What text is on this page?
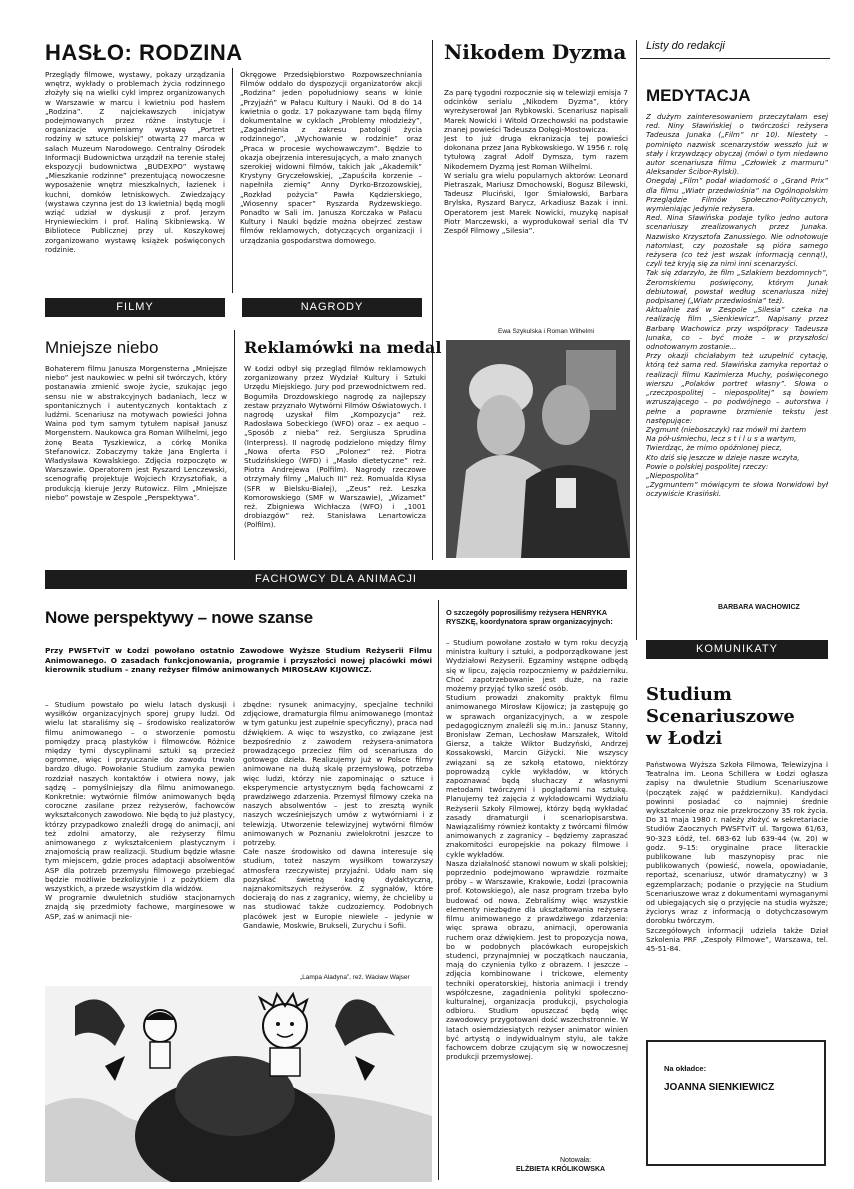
HASŁO: RODZINA
Przeglądy filmowe, wystawy, pokazy urządzania wnętrz, wykłady o problemach życia rodzinnego złożyły się na wielki cykl imprez organizowanych w Warszawie w marcu i kwietniu pod hasłem „Rodzina”. Z najciekawszych inicjatyw podejmowanych przez różne instytucje i organizacje wymieniamy wystawę „Portret rodziny w sztuce polskiej” otwartą 27 marca w salach Muzeum Narodowego. Centralny Ośrodek Informacji Budownictwa urządził na terenie stałej ekspozycji budownictwa „BUDEXPO” wystawę „Mieszkanie rodzinne” prezentującą nowoczesne wyposażenie wnętrz mieszkalnych, łazienek i kuchni, domków letniskowych. Zwiedzający (wystawa czynna jest do 13 kwietnia) będą mogli wziąć udział w dyskusji z prof. Jerzym Hryniewieckim i prof. Haliną Skibniewską. W Bibliotece Publicznej przy ul. Koszykowej zorganizowano wystawę książek poświęconych rodzinie.
Okręgowe Przedsiębiorstwo Rozpowszechniania Filmów oddało do dyspozycji organizatorów akcji „Rodzina” jeden popołudniowy seans w kinie „Przyjaźń” w Pałacu Kultury i Nauki. Od 8 do 14 kwietnia o godz. 17 pokazywane tam będą filmy dokumentalne w cyklach „Problemy młodzieży”, „Zagadnienia z zakresu patologii życia rodzinnego”, „Wychowanie w rodzinie” oraz „Praca w procesie wychowawczym”. Będzie to okazja obejrzenia interesujących, a mało znanych szerokiej widowni filmów, takich jak „Akademik” Krystyny Gryczełowskiej, „Zapuściła korzenie – napełniła ziemię” Anny Dyrko-Brzozowskiej, „Rozkład pożycia” Pawła Kędzierskiego, „Wiosenny spacer” Ryszarda Rydzewskiego. Ponadto w Sali im. Janusza Korczaka w Pałacu Kultury i Nauki będzie można obejrzeć zestaw filmów reklamowych, dotyczących organizacji i urządzania gospodarstwa domowego.
Nikodem Dyzma
Za parę tygodni rozpocznie się w telewizji emisja 7 odcinków serialu „Nikodem Dyzma”, który wyreżyserował Jan Rybkowski. Scenariusz napisali Marek Nowicki i Witold Orzechowski na podstawie znanej powieści Tadeusza Dołęgi-Mostowicza.
Jest to już druga ekranizacja tej powieści dokonana przez Jana Rybkowskiego. W 1956 r. rolę tytułową zagrał Adolf Dymsza, tym razem Nikodemem Dyzmą jest Roman Wilhelmi.
W serialu gra wielu popularnych aktorów: Leonard Pietraszak, Mariusz Dmochowski, Bogusz Bilewski, Tadeusz Pluciński, Igor Śmiałowski, Barbara Brylska, Ryszard Barycz, Arkadiusz Bazak i inni. Operatorem jest Marek Nowicki, muzykę napisał Piotr Marczewski, a wyprodukował serial dla TV Zespół Filmowy „Silesia”.
Ewa Szykulska i Roman Wilhelmi
Listy do redakcji
MEDYTACJA
Z dużym zainteresowaniem przeczytałam esej red. Niny Sławińskiej o twórczości reżysera Tadeusza Junaka („Film” nr 10). Niestety – pominięto nazwisk scenarzystów wesszło już w stały i krzywdzący obyczaj (mówi o tym niedawno autor scenariusza filmu „Człowiek z marmuru” Aleksander Ścibor-Rylski).
Onegdaj „Film” podał wiadomość o „Grand Prix” dla filmu „Wiatr przedwiośnia” na Ogólnopolskim Przeglądzie Filmów Społeczno-Politycznych, wymieniając jedynie reżysera.
Red. Nina Sławińska podaje tylko jedno autora scenariuszy zrealizowanych przez Junaka. Nazwisko Krzysztofa Zanussiego. Nie odnotowuje natomiast, czy pozostałe są pióra samego reżysera (co też jest wszak informacją cenną!), czyli też kryją się za nimi inni scenarzyści.
Tak się zdarzyło, że film „Szlakiem bezdomnych”, Żeromskiemu poświęcony, którym Junak debiutował, powstał według scenariusza niżej podpisanej („Wiatr przedwiośnia” też).
Aktualnie zaś w Zespole „Silesia” czeka na realizację film „Sienkiewicz”. Napisany przez Barbarę Wachowicz przy współpracy Tadeusza Junaka, co – być może – w przyszłości odnotowanym zostanie...
Przy okazji chciałabym też uzupełnić cytację, którą też sama red. Sławińska zamyka reportaż o realizacji filmu Kazimierza Muchy, poświęconego wierszu „Polaków portret własny”. Słowa o „rzeczpospolitej – niepospolitej” są bowiem wzruszającego – po podwójnego – autorstwa i pełne a poprawne brzmienie tekstu jest następujące:
Zygmunt (nieboszczyk) raz mówił mi żartem
Na pół-uśmiechu, lecz s t i l u s a wartym,
Twierdząc, że mimo opóźnionej piecz,
Kto dziś się jeszcze w dzieje nasze wczyta,
Powie o polskiej pospolitej rzeczy:
„Niepospolita”
„Zygmuntem” mówiącym te słowa Norwidowi był oczywiście Krasiński.
BARBARA WACHOWICZ
FILMY	NAGRODY
Mniejsze niebo
Bohaterem filmu Janusza Morgensterna „Mniejsze niebo” jest naukowiec w pełni sił twórczych, który postanawia zmienić swoje życie, szukając jego sensu nie w abstrakcyjnych badaniach, lecz w spontanicznych i autentycznych kontaktach z ludźmi. Scenariusz na motywach powieści Johna Waina pod tym samym tytułem napisał Janusz Morgenstern. Naukowca gra Roman Wilhelmi, jego żonę Beata Tyszkiewicz, a córkę Monika Stefanowicz. Zobaczymy także Jana Englerta i Władysława Kowalskiego. Zdjęcia rozpoczęto w Warszawie. Operatorem jest Ryszard Lenczewski, scenografię projektuje Wojciech Krzysztofiak, a produkcją kieruje Jerzy Rutowicz. Film „Mniejsze niebo” powstaje w Zespole „Perspektywa”.
Reklamówki na medal
W Łodzi odbył się przegląd filmów reklamowych zorganizowany przez Wydział Kultury i Sztuki Urzędu Miejskiego. Jury pod przewodnictwem red. Bogumiła Drozdowskiego nagrodę za najlepszy zestaw przyznało Wytwórni Filmów Oświatowych. I nagrodę uzyskał film „Kompozycja” reż. Radosława Sobeckiego (WFO) oraz – ex aequo – „Sposób z nieba” reż. Sergiusza Sprudina (Interpress). II nagrodę podzielono między filmy „Nowa oferta FSO „Polonez” reż. Piotra Studzińskiego (WFD) i „Masło dietetyczne” reż. Piotra Andrejewa (Polfilm). Nagrody rzeczowe otrzymały filmy „Maluch III” reż. Romualda Kłysa (SFR w Bielsku-Białej), „Zeus” reż. Leszka Komorowskiego (SMF w Warszawie), „Wizamet” reż. Zbigniewa Wichłacza (WFO) i „1001 drobiazgów” reż. Stanisława Lenartowicza (Polfilm).
FACHOWCY DLA ANIMACJI
Nowe perspektywy – nowe szanse
Przy PWSFTviT w Łodzi powołano ostatnio Zawodowe Wyższe Studium Reżyserii Filmu Animowanego. O zasadach funkcjonowania, programie i przyszłości nowej placówki mówi kierownik studium – znany reżyser filmów animowanych MIROSŁAW KIJOWICZ.
– Studium powstało po wielu latach dyskusji i wysiłków organizacyjnych sporej grupy ludzi. Od wielu lat staraliśmy się – środowisko realizatorów filmu animowanego – o stworzenie pomostu pomiędzy pracą plastyków i filmowców. Różnice między tymi dyscyplinami sztuki są przecież ogromne, więc i przyuczanie do zawodu trwało bardzo długo. Powołanie Studium zamyka pewien rozdział naszych kontaktów i otwiera nowy, jak sądzę – pomyślniejszy dla filmu animowanego. Konkretnie: wytwórnie filmów animowanych będą coroczne zasilane przez reżyserów, fachowców wykształconych zawodowo. Nie będą to już plastycy, którzy przypadkowo znaleźli drogę do animacji, ani też zdolni amatorzy, ale reżyserzy filmu animowanego z wykształceniem plastycznym i znajomością praw realizacji. Studium będzie własne tym miejscem, gdzie proces adaptacji absolwentów ASP dla potrzeb przemysłu filmowego przebiegać będzie możliwie bezkolizyjnie i z pożytkiem dla wszystkich, a przede wszystkim dla widzów.
W programie dwuletnich studiów stacjonarnych znajdą się przedmioty fachowe, marginesowe w ASP, zaś w animacji nie-
zbędne: rysunek animacyjny, specjalne techniki zdjęciowe, dramaturgia filmu animowanego (montaż w tym gatunku jest zupełnie specyficzny), praca nad dźwiękiem. A więc to wszystko, co związane jest bezpośrednio z zawodem reżysera-animatora prowadzącego przeciez film od scenariusza do gotowego dzieła. Realizujemy już w Polsce filmy animowane na dużą skalę przemysłową, potrzeba więc ludzi, którzy nie zapominając o sztuce i eksperymencie artystycznym będą fachowcami z prawdziwego zdarzenia. Przemysł filmowy czeka na naszych absolwentów – jest to zresztą wynik naszych wcześniejszych umów z wytwórniami i z telewizją. Utworzenie telewizyjnej wytwórni filmów animowanych w Poznaniu zwielokrotni jeszcze to potrzeby.
Całe nasze środowisko od dawna interesuje się studium, toteż naszym wysiłkom towarzyszy atmosfera rzeczywistej przyjaźni. Udało nam się pozyskać świetną kadrę dydaktyczną, najznakomitszych reżyserów. Z sygnałów, które docierają do nas z zagranicy, wiemy, że chcieliby u nas studiować także cudzoziemcy. Podobnych placówek jest w Europie niewiele – jedynie w Gandawie, Moskwie, Brukseli, Zurychu i Sofii.
„Lampa Aladyna”, reż. Wacław Wajser
O szczegóły poprosiliśmy reżysera HENRYKA RYSZKĘ, koordynatora spraw organizacyjnych:
– Studium powołane zostało w tym roku decyzją ministra kultury i sztuki, a podporządkowane jest Wydziałowi Reżyserii. Egzaminy wstępne odbędą się w lipcu, zajęcia rozpoczniemy w październiku. Choć zapotrzebowanie jest duże, na razie możemy przyjąć tylko sześć osób.
Studium prowadzi znakomity praktyk filmu animowanego Mirosław Kijowicz; ja zastępuję go w sprawach organizacyjnych, a w zespole pedagogicznym znaleźli się m.in.: Janusz Stanny, Bronisław Zeman, Lechosław Marszałek, Witold Giersz, a także Wiktor Budzyński, Andrzej Kossakowski, Marcin Giżycki. Nie wszyscy związani są ze szkołą etatowo, niektórzy poprowadzą cykle wykładów, w których zapoznawać będą słuchaczy z własnymi metodami twórczymi i poglądami na sztukę. Planujemy też zajęcia z wykładowcami Wydziału Reżyserii Szkoły Filmowej, którzy będą wykładać zasady dramaturgii i scenariopisarstwa. Nawiązaliśmy również kontakty z twórcami filmów animowanych z zagranicy – będziemy zapraszać znakomitości europejskie na pokazy filmowe i cykle wykładów.
Nasza działalność stanowi nowum w skali polskiej; poprzednio podejmowano wprawdzie rozmaite próby – w Warszawie, Krakowie, Łodzi (pracownia prof. Kotowskiego), ale nasz program trzeba było budować od nowa. Zebraliśmy więc wszystkie elementy niezbędne dla ukształtowania reżysera filmu animowanego z prawdziwego zdarzenia: więc sprawa obrazu, animacji, operowania ruchem oraz dźwiękiem. Jest to propozycja nowa, bo w podobnych placówkach europejskich studenci, przynajmniej w początkach nauczania, mają do czynienia tylko z obrazem. I jeszcze – zdjęcia kombinowane i trickowe, elementy techniki operatorskiej, historia animacji i trendy współczesne, zagadnienia polityki społeczno-kulturalnej, organizacja produkcji, psychologia odbioru. Studium opuszczać będą więc zawodowcy przygotowani dość wszechstronnie. W latach osiemdziesiątych reżyser animator winien być artystą o indywidualnym stylu, ale także fachowcem dobrze czującym się w nowoczesnej produkcji przemysłowej.
Notowała:
ELŻBIETA KRÓLIKOWSKA
KOMUNIKATY
Studium Scenariuszowe w Łodzi
Państwowa Wyższa Szkoła Filmowa, Telewizyjna i Teatralna im. Leona Schillera w Łodzi ogłasza zapisy na dwuletnie Studium Scenariuszowe (początek zajęć w październiku). Kandydaci powinni posiadać co najmniej średnie wykształcenie oraz nie przekroczony 35 rok życia. Do 31 maja 1980 r. należy złożyć w sekretariacie Studiów Zaocznych PWSFTviT ul. Targowa 61/63, 90-323 Łódź, tel. 683-62 lub 639-44 (w. 20) w godz. 9–15: oryginalne prace literackie publikowane lub maszynopisy prac nie publikowanych (powieść, nowela, opowiadanie, reportaż, scenariusz, utwór dramatyczny) w 3 egzemplarzach; podanie o przyjęcie na Studium Scenariuszowe wraz z dokumentami wymaganymi od ubiegających się o przyjęcie na studia wyższe; życiorys wraz z informacją o dotychczasowym dorobku twórczym.
Szczegółowych informacji udziela także Dział Szkolenia PRF „Zespoły Filmowe”, Warszawa, tel. 45-51-84.
Na okładce:
JOANNA SIENKIEWICZ
